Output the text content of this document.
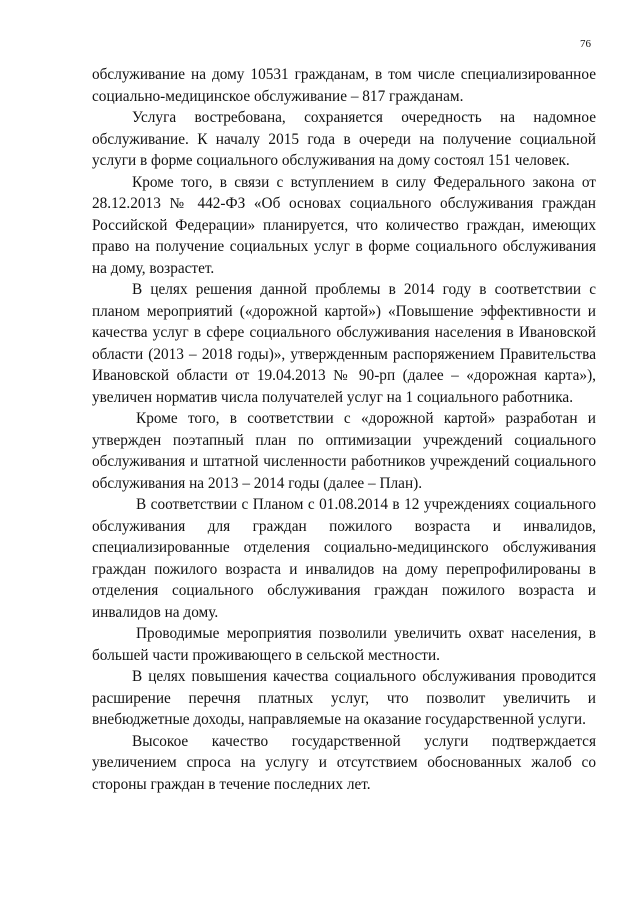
76

обслуживание на дому 10531 гражданам, в том числе специализированное социально-медицинское обслуживание – 817 гражданам.

Услуга востребована, сохраняется очередность на надомное обслуживание. К началу 2015 года в очереди на получение социальной услуги в форме социального обслуживания на дому состоял 151 человек.

Кроме того, в связи с вступлением в силу Федерального закона от 28.12.2013 № 442-ФЗ «Об основах социального обслуживания граждан Российской Федерации» планируется, что количество граждан, имеющих право на получение социальных услуг в форме социального обслуживания на дому, возрастет.

В целях решения данной проблемы в 2014 году в соответствии с планом мероприятий («дорожной картой») «Повышение эффективности и качества услуг в сфере социального обслуживания населения в Ивановской области (2013 – 2018 годы)», утвержденным распоряжением Правительства Ивановской области от 19.04.2013 № 90-рп (далее – «дорожная карта»), увеличен норматив числа получателей услуг на 1 социального работника.

Кроме того, в соответствии с «дорожной картой» разработан и утвержден поэтапный план по оптимизации учреждений социального обслуживания и штатной численности работников учреждений социального обслуживания на 2013 – 2014 годы (далее – План).

В соответствии с Планом с 01.08.2014 в 12 учреждениях социального обслуживания для граждан пожилого возраста и инвалидов, специализированные отделения социально-медицинского обслуживания граждан пожилого возраста и инвалидов на дому перепрофилированы в отделения социального обслуживания граждан пожилого возраста и инвалидов на дому.

Проводимые мероприятия позволили увеличить охват населения, в большей части проживающего в сельской местности.

В целях повышения качества социального обслуживания проводится расширение перечня платных услуг, что позволит увеличить и внебюджетные доходы, направляемые на оказание государственной услуги.

Высокое качество государственной услуги подтверждается увеличением спроса на услугу и отсутствием обоснованных жалоб со стороны граждан в течение последних лет.
